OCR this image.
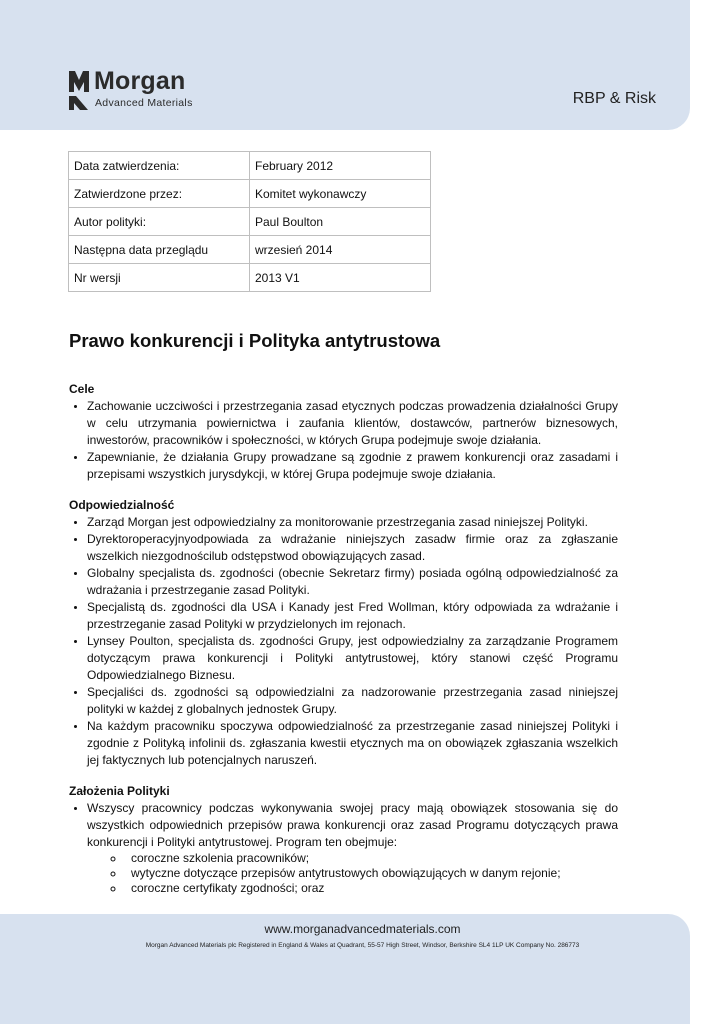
Morgan
Advanced Materials	RBP & Risk
Data zatwierdzenia:	February 2012
Zatwierdzone przez:	Komitet wykonawczy
Autor polityki:	Paul Boulton
Następna data przeglądu	wrzesień 2014
Nr wersji	2013 V1
Prawo konkurencji i Polityka antytrustowa
Cele
• Zachowanie uczciwości i przestrzegania zasad etycznych podczas prowadzenia działalności Grupy w celu utrzymania powiernictwa i zaufania klientów, dostawców, partnerów biznesowych, inwestorów, pracowników i społeczności, w których Grupa podejmuje swoje działania.
• Zapewnianie, że działania Grupy prowadzane są zgodnie z prawem konkurencji oraz zasadami i przepisami wszystkich jurysdykcji, w której Grupa podejmuje swoje działania.
Odpowiedzialność
• Zarząd Morgan jest odpowiedzialny za monitorowanie przestrzegania zasad niniejszej Polityki.
• Dyrektoroperacyjnyodpowiada za wdrażanie niniejszych zasadw firmie oraz za zgłaszanie wszelkich niezgodnościlub odstępstwod obowiązujących zasad.
• Globalny specjalista ds. zgodności (obecnie Sekretarz firmy) posiada ogólną odpowiedzialność za wdrażania i przestrzeganie zasad Polityki.
• Specjalistą ds. zgodności dla USA i Kanady jest Fred Wollman, który odpowiada za wdrażanie i przestrzeganie zasad Polityki w przydzielonych im rejonach.
• Lynsey Poulton, specjalista ds. zgodności Grupy, jest odpowiedzialny za zarządzanie Programem dotyczącym prawa konkurencji i Polityki antytrustowej, który stanowi część Programu Odpowiedzialnego Biznesu.
• Specjaliści ds. zgodności są odpowiedzialni za nadzorowanie przestrzegania zasad niniejszej polityki w każdej z globalnych jednostek Grupy.
• Na każdym pracowniku spoczywa odpowiedzialność za przestrzeganie zasad niniejszej Polityki i zgodnie z Polityką infolinii ds. zgłaszania kwestii etycznych ma on obowiązek zgłaszania wszelkich jej faktycznych lub potencjalnych naruszeń.
Założenia Polityki
• Wszyscy pracownicy podczas wykonywania swojej pracy mają obowiązek stosowania się do wszystkich odpowiednich przepisów prawa konkurencji oraz zasad Programu dotyczących prawa konkurencji i Polityki antytrustowej. Program ten obejmuje:
◦ coroczne szkolenia pracowników;
◦ wytyczne dotyczące przepisów antytrustowych obowiązujących w danym rejonie;
◦ coroczne certyfikaty zgodności; oraz
www.morganadvancedmaterials.com
Morgan Advanced Materials plc Registered in England & Wales at Quadrant, 55-57 High Street, Windsor, Berkshire SL4 1LP UK Company No. 286773
